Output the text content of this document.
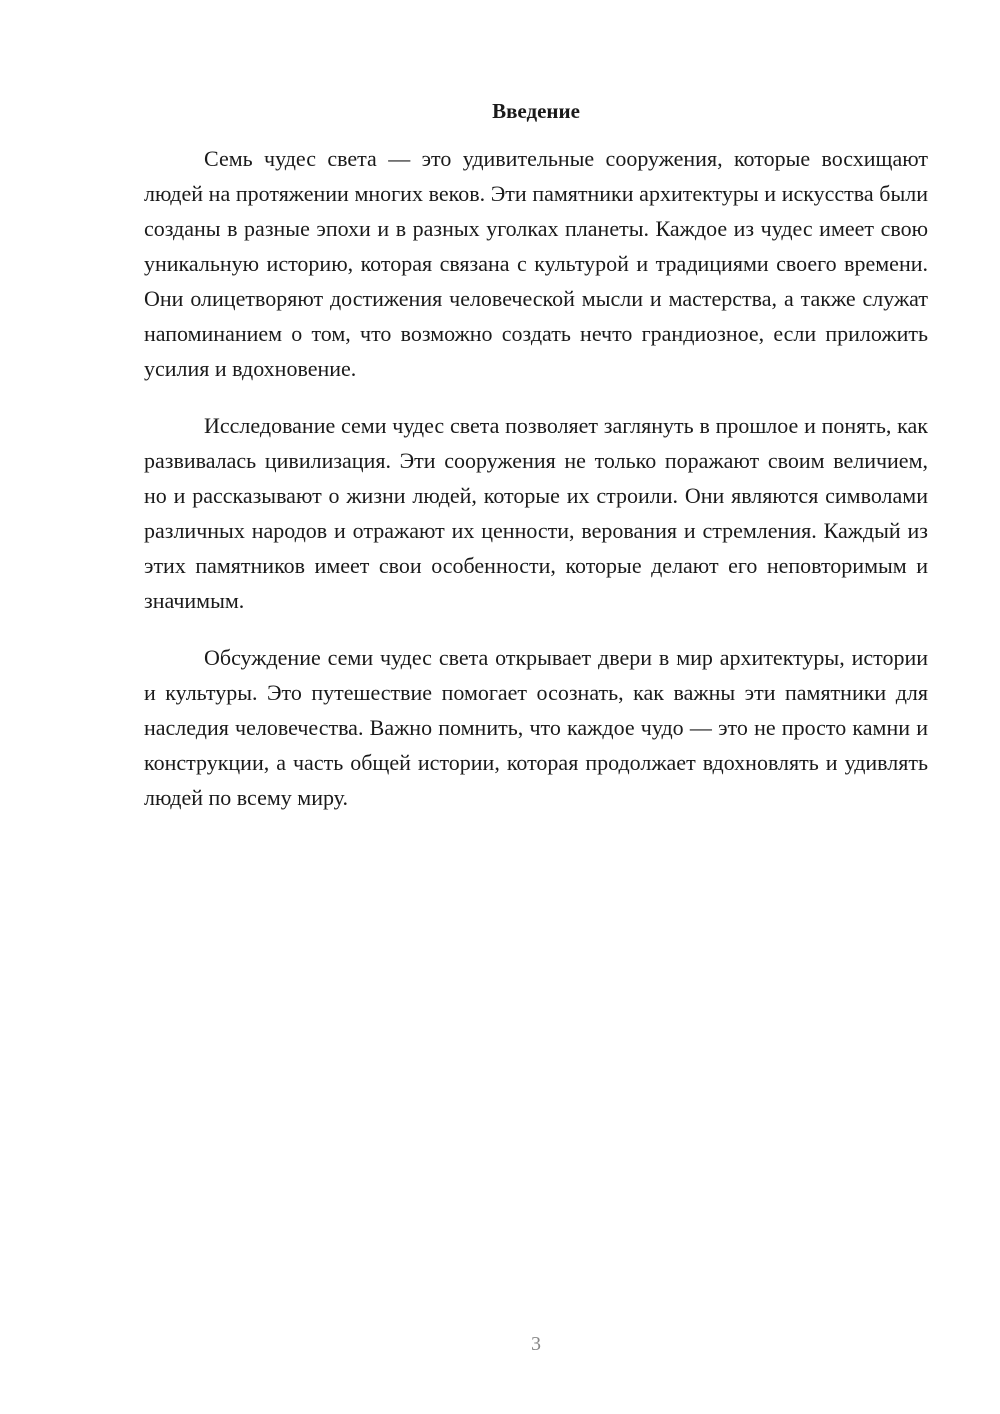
Введение

Семь чудес света — это удивительные сооружения, которые восхищают людей на протяжении многих веков. Эти памятники архитектуры и искусства были созданы в разные эпохи и в разных уголках планеты. Каждое из чудес имеет свою уникальную историю, которая связана с культурой и традициями своего времени. Они олицетворяют достижения человеческой мысли и мастерства, а также служат напоминанием о том, что возможно создать нечто грандиозное, если приложить усилия и вдохновение.

Исследование семи чудес света позволяет заглянуть в прошлое и понять, как развивалась цивилизация. Эти сооружения не только поражают своим величием, но и рассказывают о жизни людей, которые их строили. Они являются символами различных народов и отражают их ценности, верования и стремления. Каждый из этих памятников имеет свои особенности, которые делают его неповторимым и значимым.

Обсуждение семи чудес света открывает двери в мир архитектуры, истории и культуры. Это путешествие помогает осознать, как важны эти памятники для наследия человечества. Важно помнить, что каждое чудо — это не просто камни и конструкции, а часть общей истории, которая продолжает вдохновлять и удивлять людей по всему миру.

3
